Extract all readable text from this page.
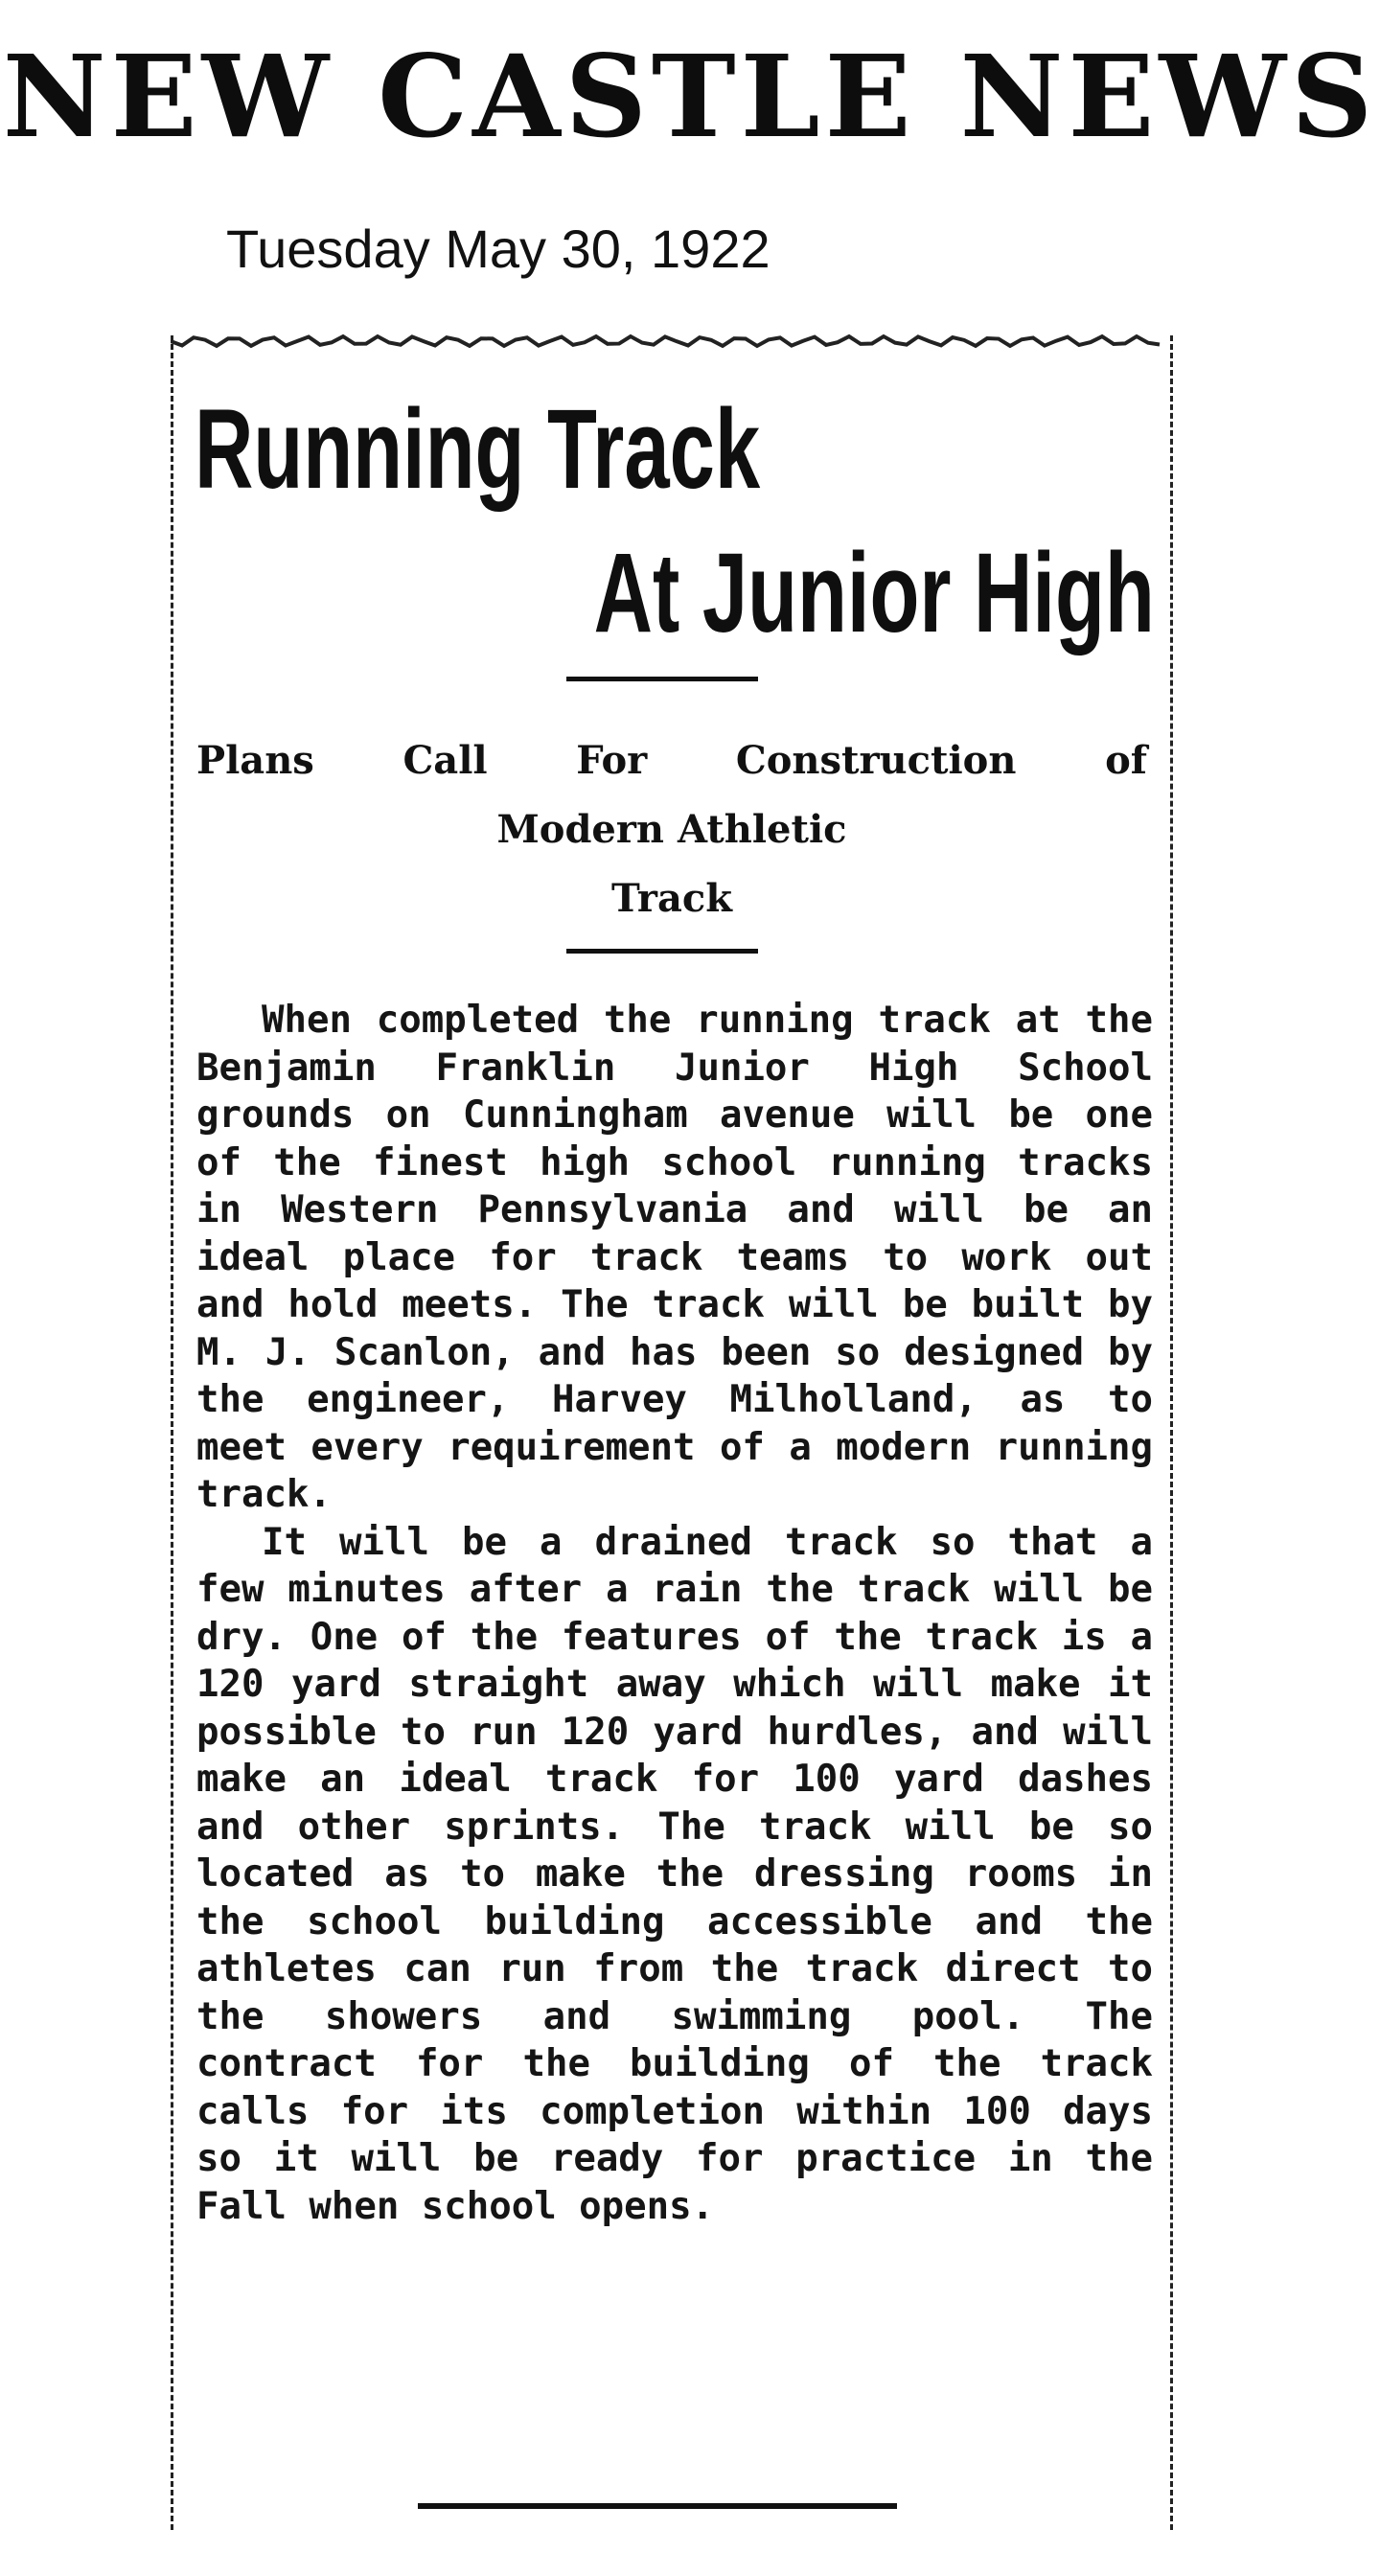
NEW CASTLE NEWS
Tuesday May 30, 1922
Running Track
At Junior High
Plans Call For Construction of
Modern Athletic
Track

When completed the running track at the Benjamin Franklin Junior High School grounds on Cunningham avenue will be one of the finest high school running tracks in Western Pennsylvania and will be an ideal place for track teams to work out and hold meets. The track will be built by M. J. Scanlon, and has been so designed by the engineer, Harvey Milholland, as to meet every requirement of a modern running track.

It will be a drained track so that a few minutes after a rain the track will be dry. One of the features of the track is a 120 yard straight away which will make it possible to run 120 yard hurdles, and will make an ideal track for 100 yard dashes and other sprints. The track will be so located as to make the dressing rooms in the school building accessible and the athletes can run from the track direct to the showers and swimming pool. The contract for the building of the track calls for its completion within 100 days so it will be ready for practice in the Fall when school opens.
